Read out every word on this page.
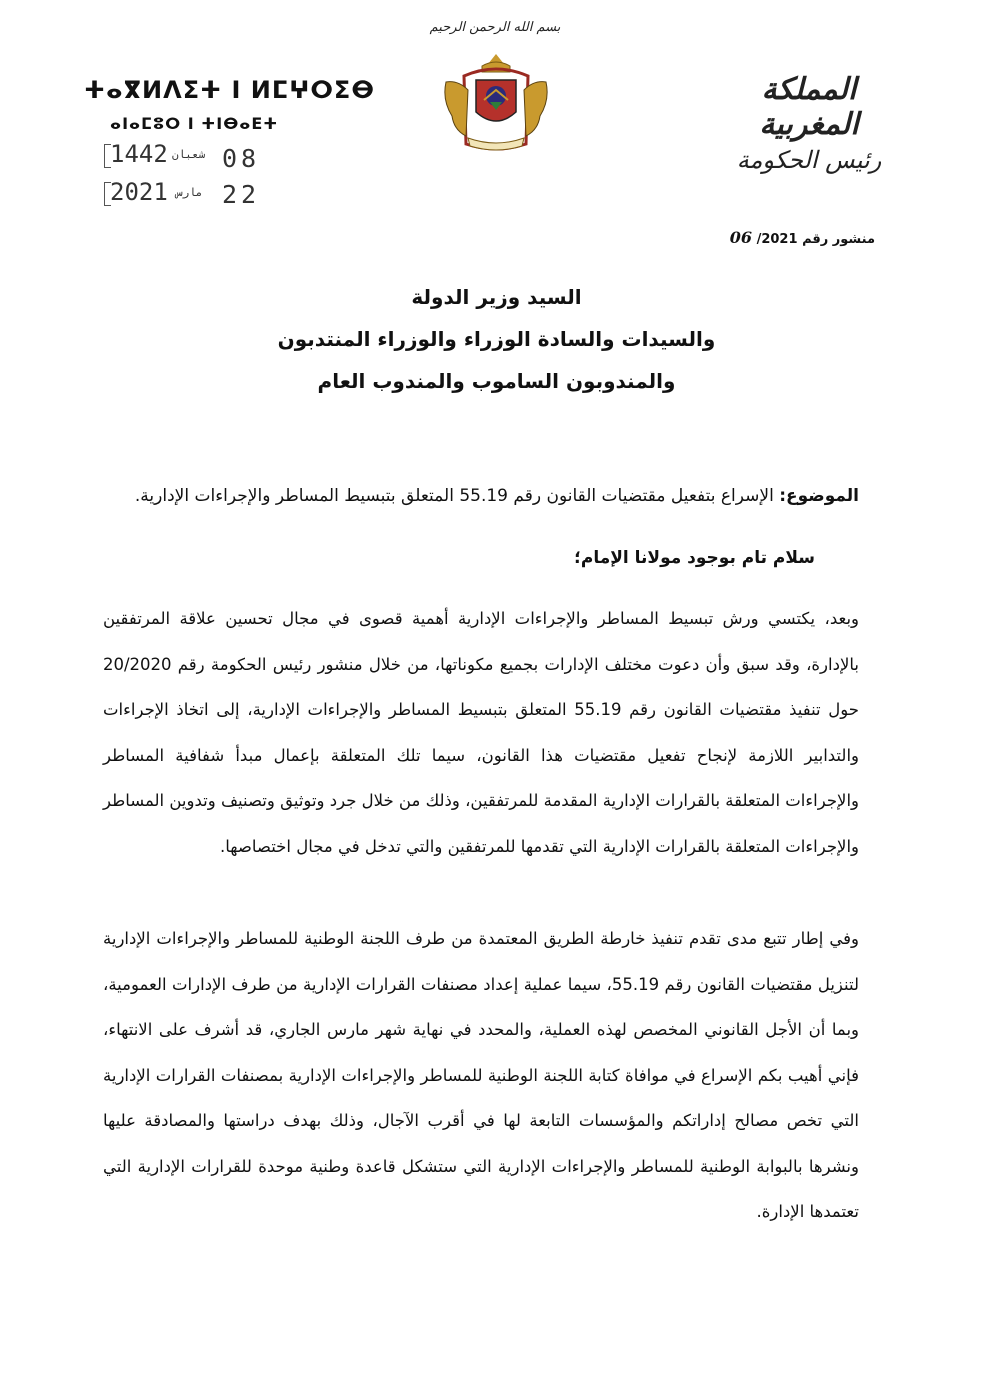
بسم الله الرحمن الرحيم
المملكة المغربية
رئيس الحكومة
ⵜⴰⴳⵍⴷⵉⵜ ⵏ ⵍⵎⵖⵔⵉⴱ
ⴰⵏⴰⵎⵓⵔ ⵏ ⵜⵏⴱⴰⴹⵜ
1442 شعبان 08
2021 مارس 22
منشور رقم 2021/ 06
السيد وزير الدولة
والسيدات والسادة الوزراء والوزراء المنتدبون
والمندوبون الساموب والمندوب العام
الموضوع: الإسراع بتفعيل مقتضيات القانون رقم 55.19 المتعلق بتبسيط المساطر والإجراءات الإدارية.
سلام تام بوجود مولانا الإمام؛
وبعد، يكتسي ورش تبسيط المساطر والإجراءات الإدارية أهمية قصوى في مجال تحسين علاقة المرتفقين بالإدارة، وقد سبق وأن دعوت مختلف الإدارات بجميع مكوناتها، من خلال منشور رئيس الحكومة رقم 20/2020 حول تنفيذ مقتضيات القانون رقم 55.19 المتعلق بتبسيط المساطر والإجراءات الإدارية، إلى اتخاذ الإجراءات والتدابير اللازمة لإنجاح تفعيل مقتضيات هذا القانون، سيما تلك المتعلقة بإعمال مبدأ شفافية المساطر والإجراءات المتعلقة بالقرارات الإدارية المقدمة للمرتفقين، وذلك من خلال جرد وتوثيق وتصنيف وتدوين المساطر والإجراءات المتعلقة بالقرارات الإدارية التي تقدمها للمرتفقين والتي تدخل في مجال اختصاصها.
وفي إطار تتبع مدى تقدم تنفيذ خارطة الطريق المعتمدة من طرف اللجنة الوطنية للمساطر والإجراءات الإدارية لتنزيل مقتضيات القانون رقم 55.19، سيما عملية إعداد مصنفات القرارات الإدارية من طرف الإدارات العمومية، وبما أن الأجل القانوني المخصص لهذه العملية، والمحدد في نهاية شهر مارس الجاري، قد أشرف على الانتهاء، فإني أهيب بكم الإسراع في موافاة كتابة اللجنة الوطنية للمساطر والإجراءات الإدارية بمصنفات القرارات الإدارية التي تخص مصالح إداراتكم والمؤسسات التابعة لها في أقرب الآجال، وذلك بهدف دراستها والمصادقة عليها ونشرها بالبوابة الوطنية للمساطر والإجراءات الإدارية التي ستشكل قاعدة وطنية موحدة للقرارات الإدارية التي تعتمدها الإدارة.
